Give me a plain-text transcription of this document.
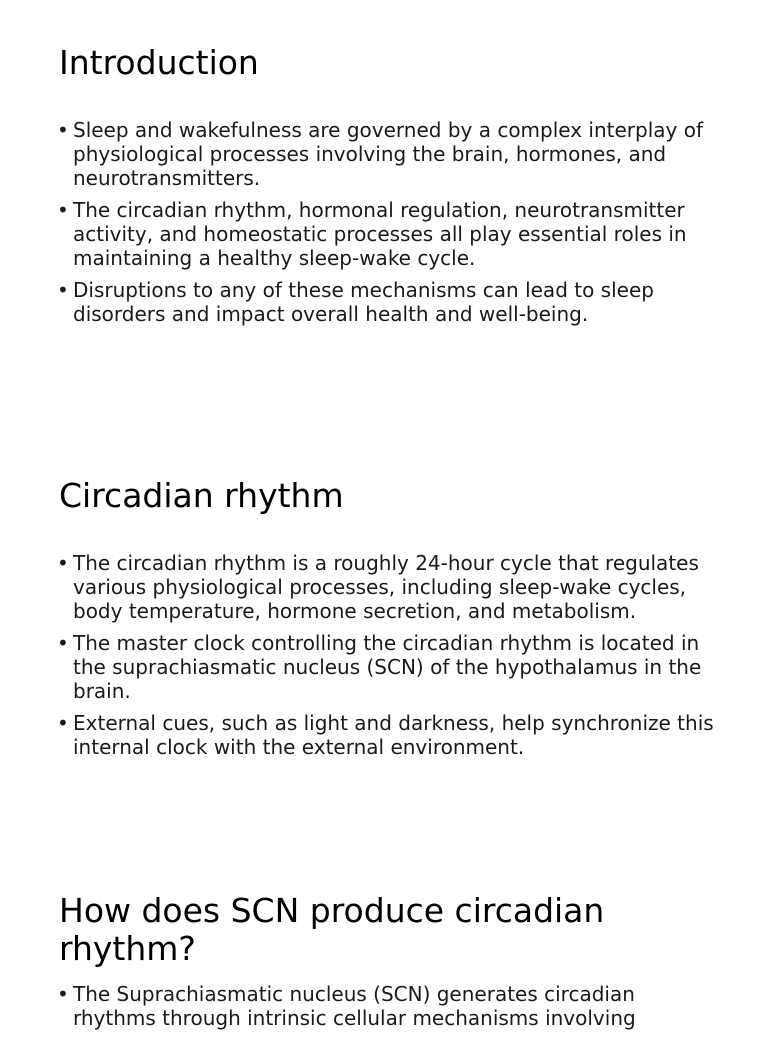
Introduction
• Sleep and wakefulness are governed by a complex interplay of physiological processes involving the brain, hormones, and neurotransmitters.
• The circadian rhythm, hormonal regulation, neurotransmitter activity, and homeostatic processes all play essential roles in maintaining a healthy sleep-wake cycle.
• Disruptions to any of these mechanisms can lead to sleep disorders and impact overall health and well-being.
Circadian rhythm
• The circadian rhythm is a roughly 24-hour cycle that regulates various physiological processes, including sleep-wake cycles, body temperature, hormone secretion, and metabolism.
• The master clock controlling the circadian rhythm is located in the suprachiasmatic nucleus (SCN) of the hypothalamus in the brain.
• External cues, such as light and darkness, help synchronize this internal clock with the external environment.
How does SCN produce circadian rhythm?
• The Suprachiasmatic nucleus (SCN) generates circadian rhythms through intrinsic cellular mechanisms involving
